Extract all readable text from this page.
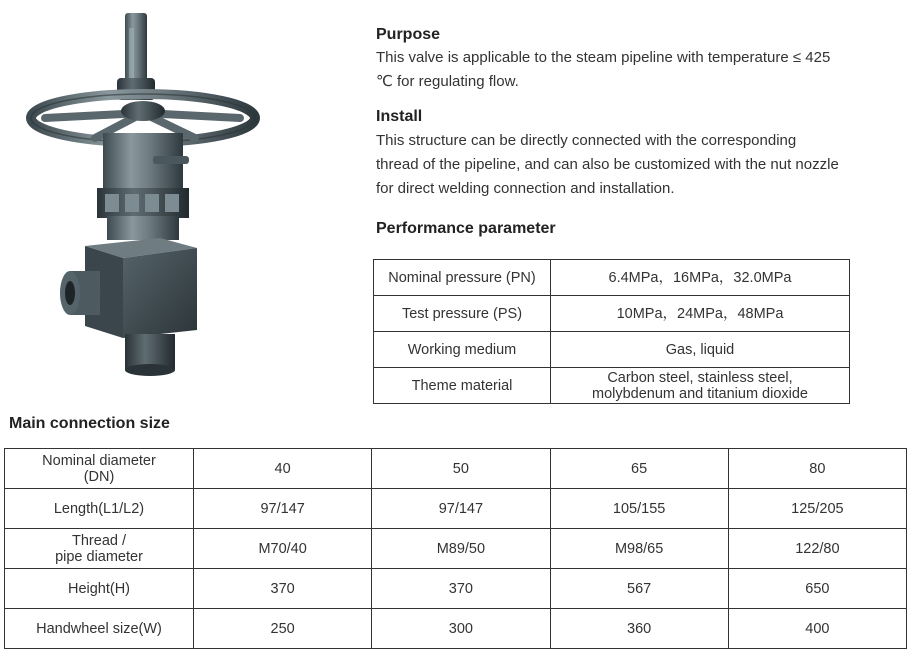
Purpose
This valve is applicable to the steam pipeline with temperature ≤ 425
℃ for regulating flow.
Install
This structure can be directly connected with the corresponding
thread of the pipeline, and can also be customized with the nut nozzle
for direct welding connection and installation.
Performance parameter
Nominal pressure (PN)	6.4MPa，16MPa，32.0MPa
Test pressure (PS)	10MPa，24MPa，48MPa
Working medium	Gas, liquid
Theme material	Carbon steel, stainless steel,
molybdenum and titanium dioxide
Main connection size
Nominal diameter
(DN)	40	50	65	80
Length(L1/L2)	97/147	97/147	105/155	125/205

Thread /
pipe diameter	M70/40	M89/50	M98/65	122/80
Height(H)	370	370	567	650
Handwheel size(W)	250	300	360	400
